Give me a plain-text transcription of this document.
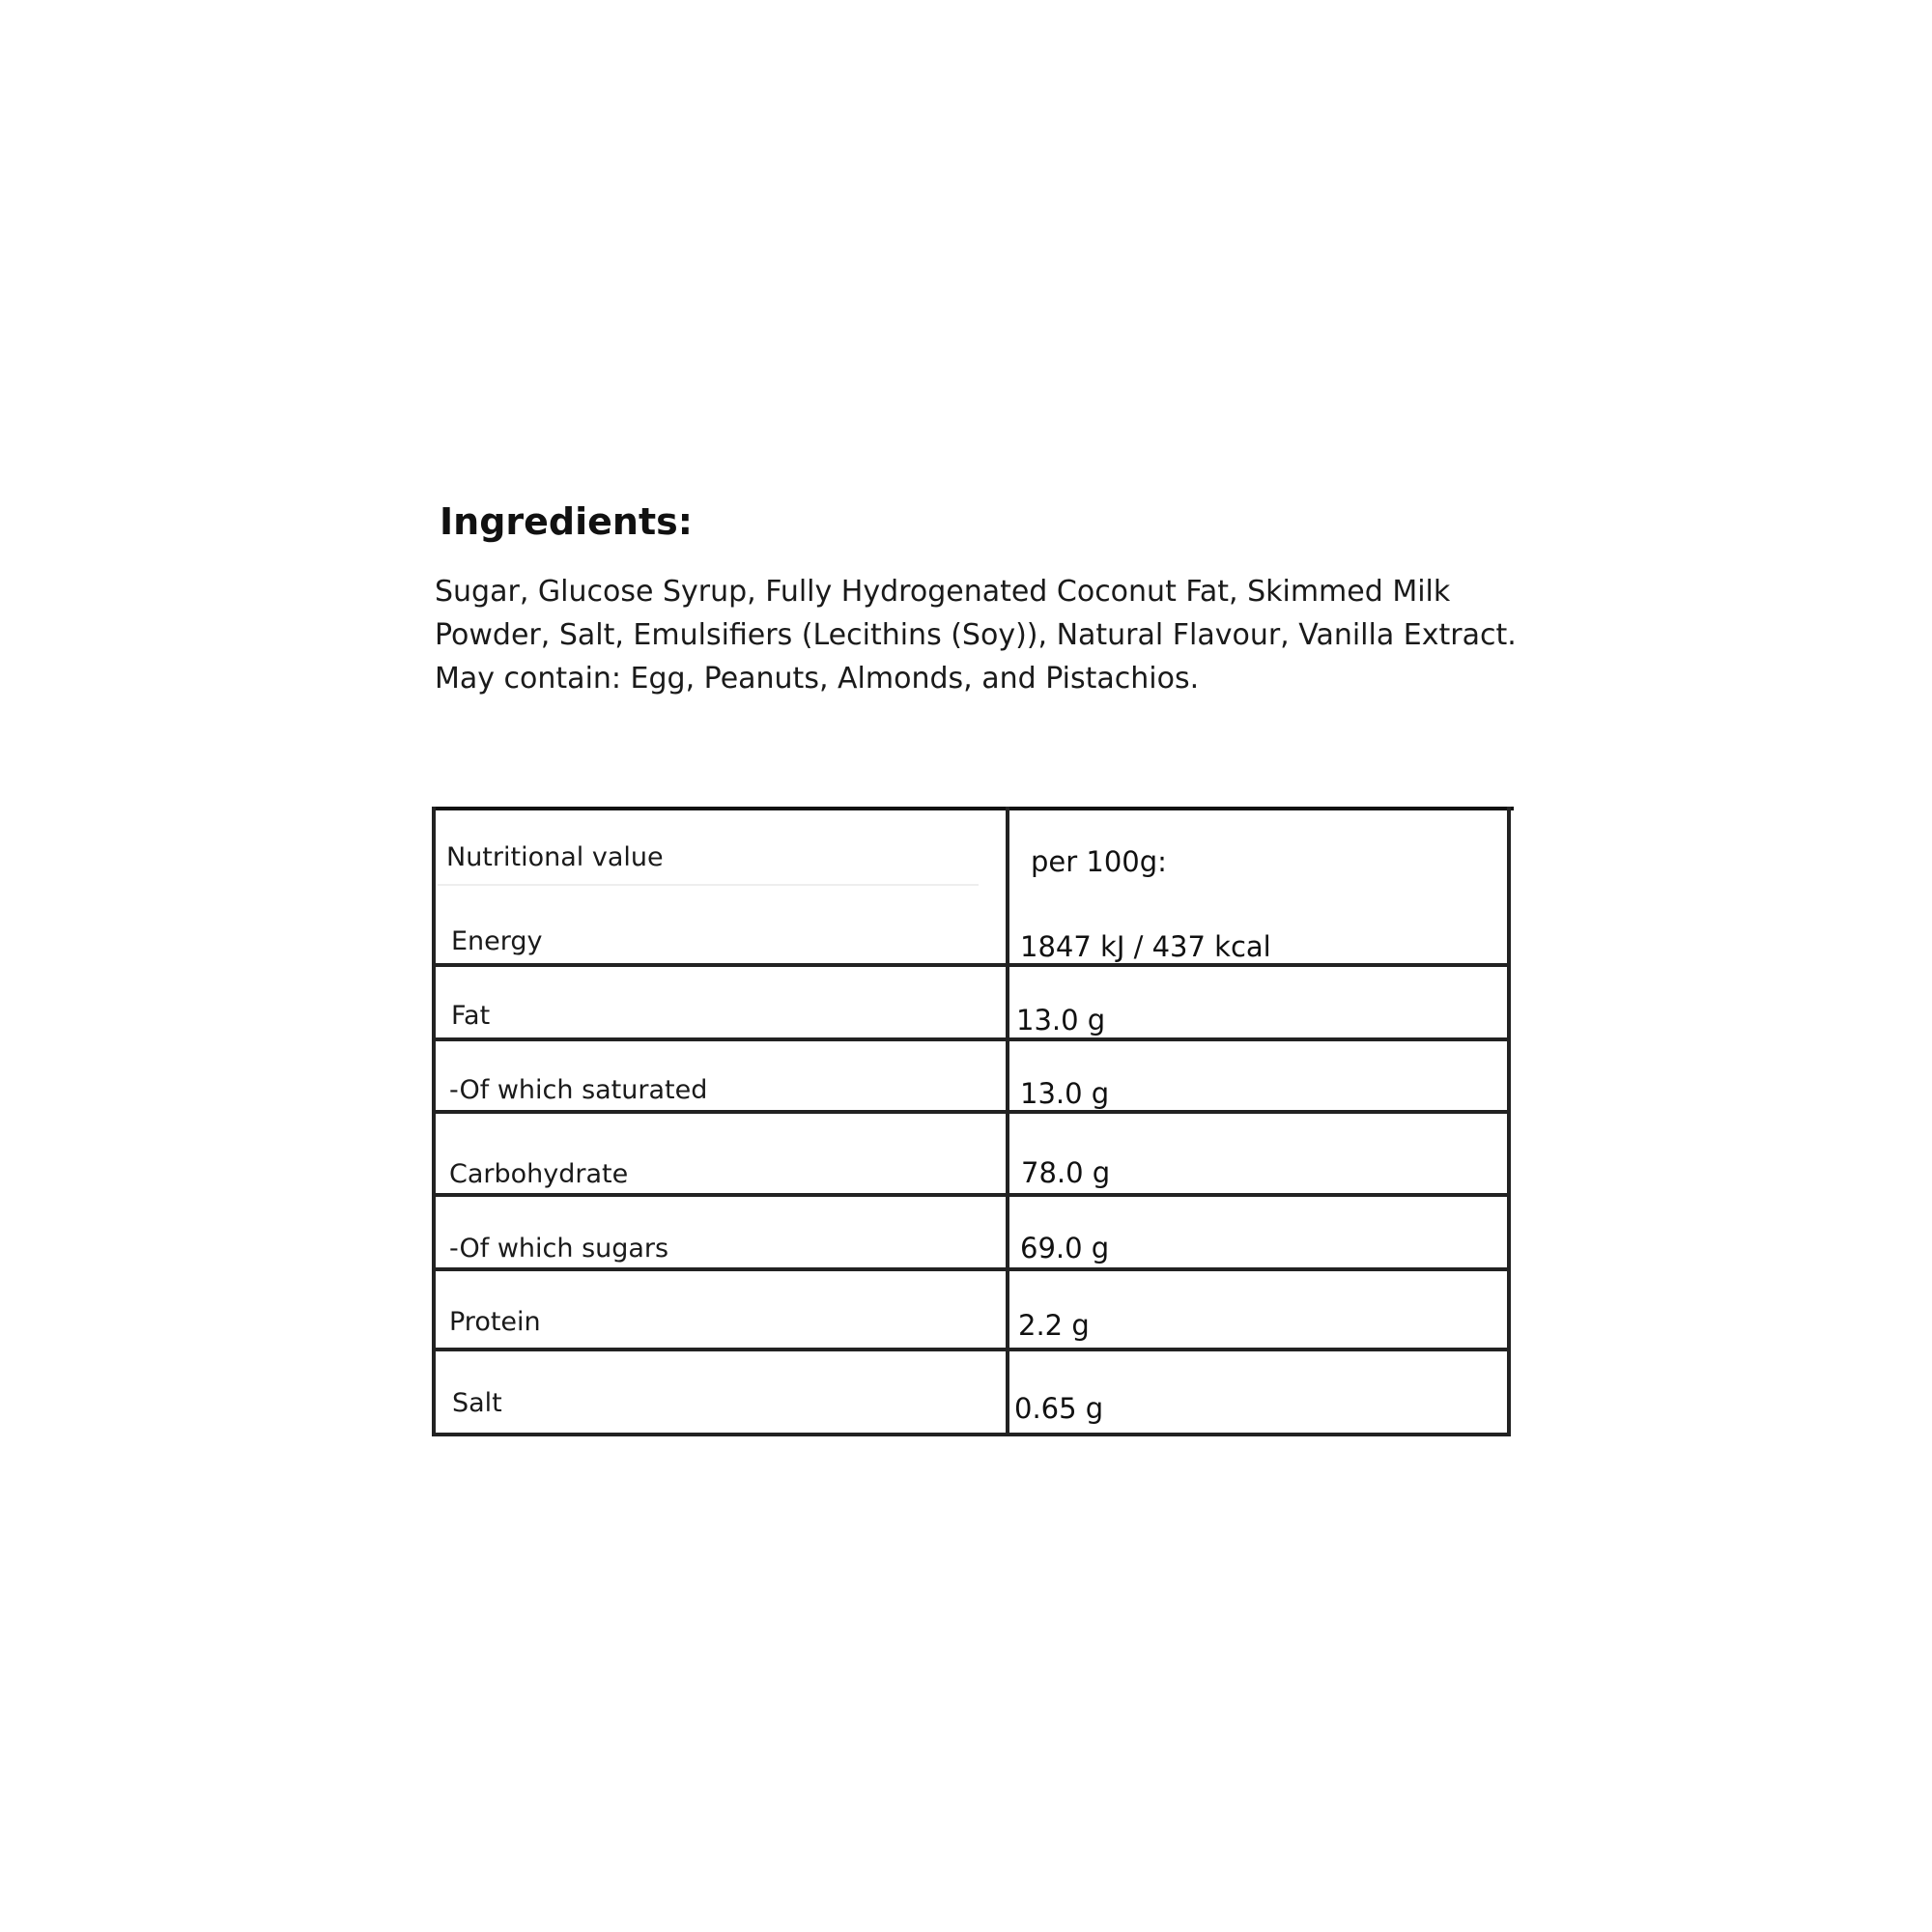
Ingredients:

Sugar, Glucose Syrup, Fully Hydrogenated Coconut Fat, Skimmed Milk
Powder, Salt, Emulsifiers (Lecithins (Soy)), Natural Flavour, Vanilla Extract.
May contain: Egg, Peanuts, Almonds, and Pistachios.

Nutritional value	per 100g:
Energy	1847 kJ / 437 kcal
Fat	13.0 g
-Of which saturated	13.0 g
Carbohydrate	78.0 g
-Of which sugars	69.0 g
Protein	2.2 g
Salt	0.65 g
